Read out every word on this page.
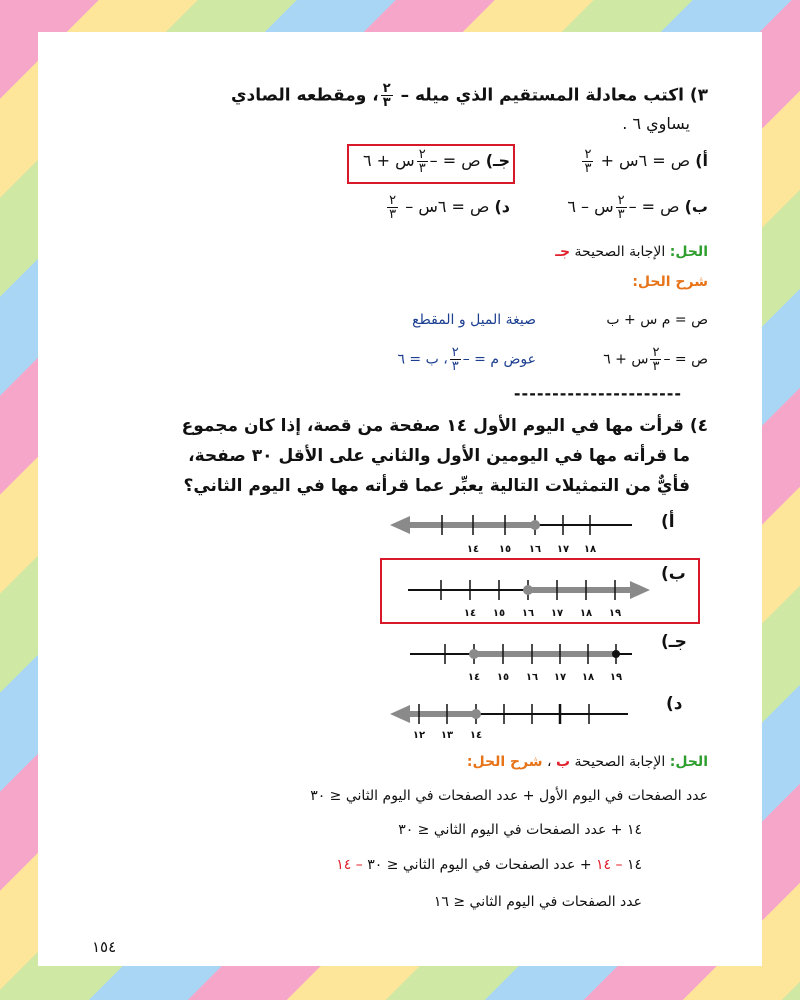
٣) اكتب معادلة المستقيم الذي ميله –
$\frac{٢}{٣}$
، ومقطعه الصادي
يساوي ٦ .
أ) ص = ٦س +
$\frac{٢}{٣}$
جـ) ص = –
$\frac{٢}{٣}$
س + ٦
ب) ص = –
$\frac{٢}{٣}$
س – ٦
د) ص = ٦س –
$\frac{٢}{٣}$
الحل: الإجابة الصحيحة جـ
شرح الحل:
ص = م س + ب
صيغة الميل و المقطع
ص = –
$\frac{٢}{٣}$
س + ٦
عوض م = –
$\frac{٢}{٣}$
، ب = ٦
----------------------
٤) قرأت مها في اليوم الأول ١٤ صفحة من قصة، إذا كان مجموع
ما قرأته مها في اليومين الأول والثاني على الأقل ٣٠ صفحة،
فأيٌّ من التمثيلات التالية يعبِّر عما قرأته مها في اليوم الثاني؟
أ)
ب)
جـ)
د)
١٤ ١٥ ١٦ ١٧ ١٨
١٤ ١٥ ١٦ ١٧ ١٨ ١٩
١٤ ١٥ ١٦ ١٧ ١٨ ١٩
١٢ ١٣ ١٤
الحل: الإجابة الصحيحة ب ، شرح الحل:
عدد الصفحات في اليوم الأول + عدد الصفحات في اليوم الثاني ≤ ٣٠
١٤ + عدد الصفحات في اليوم الثاني ≤ ٣٠
١٤ – ١٤ + عدد الصفحات في اليوم الثاني ≤ ٣٠ – ١٤
عدد الصفحات في اليوم الثاني ≤ ١٦
١٥٤
